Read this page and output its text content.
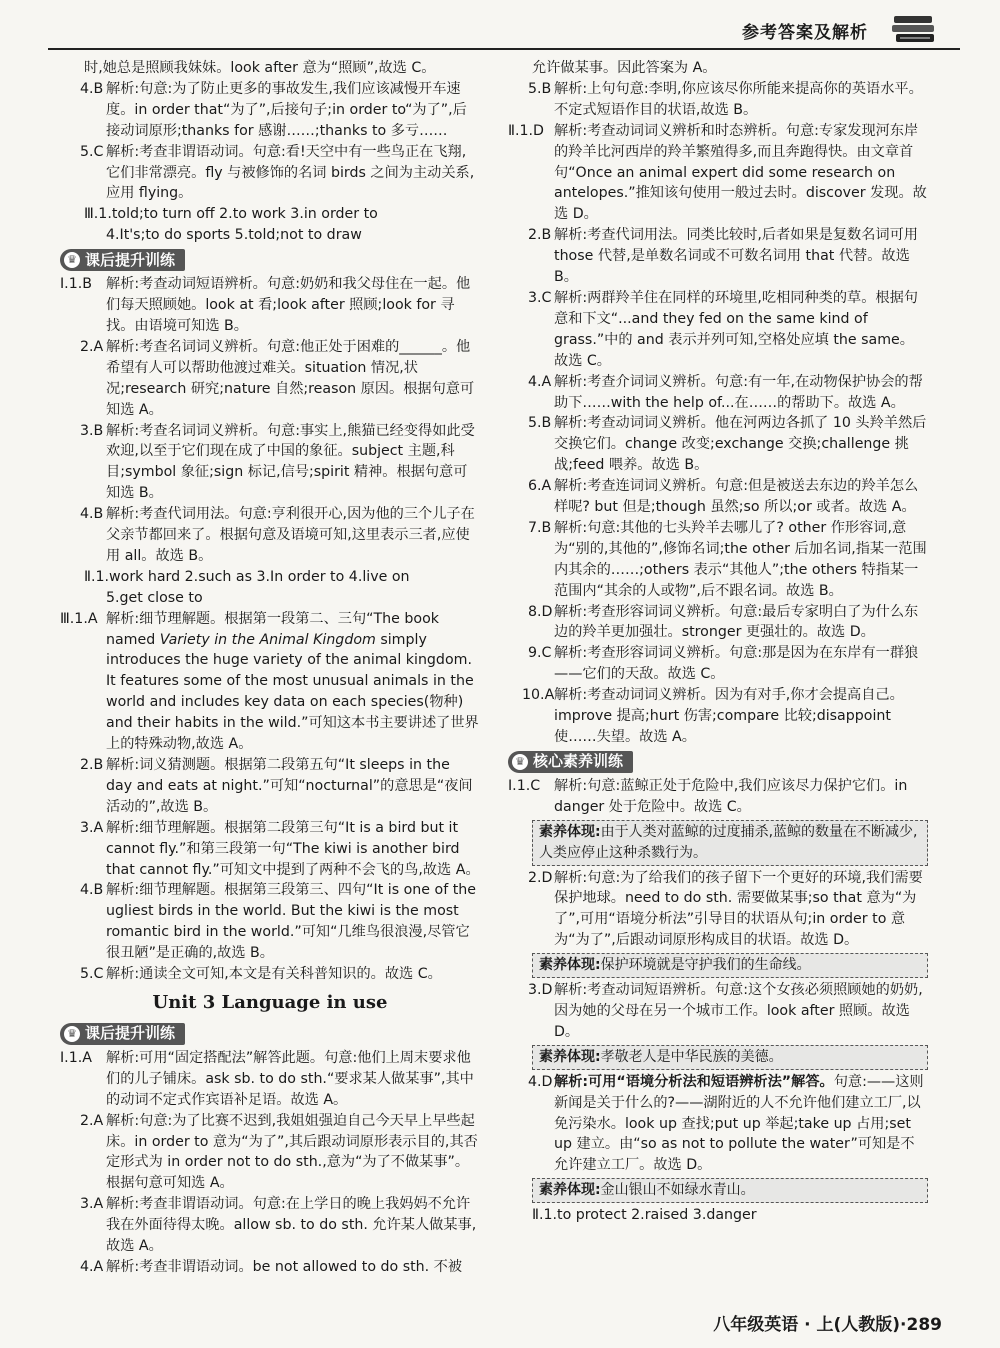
参考答案及解析

时,她总是照顾我妹妹。look after 意为“照顾”,故选 C。

4.B 解析:句意:为了防止更多的事故发生,我们应该减慢开车速度。in order that“为了”,后接句子;in order to“为了”,后接动词原形;thanks for 感谢……;thanks to 多亏……

5.C 解析:考查非谓语动词。句意:看!天空中有一些鸟正在飞翔,它们非常漂亮。fly 与被修饰的名词 birds 之间为主动关系,应用 flying。

Ⅲ.1.told;to turn off 2.to work 3.in order to

4.It's;to do sports 5.told;not to draw

♛ 课后提升训练

Ⅰ.1.B 解析:考查动词短语辨析。句意:奶奶和我父母住在一起。他们每天照顾她。look at 看;look after 照顾;look for 寻找。由语境可知选 B。

2.A 解析:考查名词词义辨析。句意:他正处于困难的______。他希望有人可以帮助他渡过难关。situation 情况,状况;research 研究;nature 自然;reason 原因。根据句意可知选 A。

3.B 解析:考查名词词义辨析。句意:事实上,熊猫已经变得如此受欢迎,以至于它们现在成了中国的象征。subject 主题,科目;symbol 象征;sign 标记,信号;spirit 精神。根据句意可知选 B。

4.B 解析:考查代词用法。句意:亨利很开心,因为他的三个儿子在父亲节都回来了。根据句意及语境可知,这里表示三者,应使用 all。故选 B。

Ⅱ.1.work hard 2.such as 3.In order to 4.live on

5.get close to

Ⅲ.1.A 解析:细节理解题。根据第一段第二、三句“The book named Variety in the Animal Kingdom simply introduces the huge variety of the animal kingdom. It features some of the most unusual animals in the world and includes key data on each species(物种) and their habits in the wild.”可知这本书主要讲述了世界上的特殊动物,故选 A。

2.B 解析:词义猜测题。根据第二段第五句“It sleeps in the day and eats at night.”可知“nocturnal”的意思是“夜间活动的”,故选 B。

3.A 解析:细节理解题。根据第二段第三句“It is a bird but it cannot fly.”和第三段第一句“The kiwi is another bird that cannot fly.”可知文中提到了两种不会飞的鸟,故选 A。

4.B 解析:细节理解题。根据第三段第三、四句“It is one of the ugliest birds in the world. But the kiwi is the most romantic bird in the world.”可知“几维鸟很浪漫,尽管它很丑陋”是正确的,故选 B。

5.C 解析:通读全文可知,本文是有关科普知识的。故选 C。

Unit 3 Language in use
♛ 课后提升训练

Ⅰ.1.A 解析:可用“固定搭配法”解答此题。句意:他们上周末要求他们的儿子铺床。ask sb. to do sth.“要求某人做某事”,其中的动词不定式作宾语补足语。故选 A。

2.A 解析:句意:为了比赛不迟到,我姐姐强迫自己今天早上早些起床。in order to 意为“为了”,其后跟动词原形表示目的,其否定形式为 in order not to do sth.,意为“为了不做某事”。根据句意可知选 A。

3.A 解析:考查非谓语动词。句意:在上学日的晚上我妈妈不允许我在外面待得太晚。allow sb. to do sth. 允许某人做某事,故选 A。

4.A 解析:考查非谓语动词。be not allowed to do sth. 不被

允许做某事。因此答案为 A。

5.B 解析:上句句意:李明,你应该尽你所能来提高你的英语水平。不定式短语作目的状语,故选 B。

Ⅱ.1.D 解析:考查动词词义辨析和时态辨析。句意:专家发现河东岸的羚羊比河西岸的羚羊繁殖得多,而且奔跑得快。由文章首句“Once an animal expert did some research on antelopes.”推知该句使用一般过去时。discover 发现。故选 D。

2.B 解析:考查代词用法。同类比较时,后者如果是复数名词可用 those 代替,是单数名词或不可数名词用 that 代替。故选 B。

3.C 解析:两群羚羊住在同样的环境里,吃相同种类的草。根据句意和下文“...and they fed on the same kind of grass.”中的 and 表示并列可知,空格处应填 the same。故选 C。

4.A 解析:考查介词词义辨析。句意:有一年,在动物保护协会的帮助下……with the help of...在……的帮助下。故选 A。

5.B 解析:考查动词词义辨析。他在河两边各抓了 10 头羚羊然后交换它们。change 改变;exchange 交换;challenge 挑战;feed 喂养。故选 B。

6.A 解析:考查连词词义辨析。句意:但是被送去东边的羚羊怎么样呢? but 但是;though 虽然;so 所以;or 或者。故选 A。

7.B 解析:句意:其他的七头羚羊去哪儿了? other 作形容词,意为“别的,其他的”,修饰名词;the other 后加名词,指某一范围内其余的……;others 表示“其他人”;the others 特指某一范围内“其余的人或物”,后不跟名词。故选 B。

8.D 解析:考查形容词词义辨析。句意:最后专家明白了为什么东边的羚羊更加强壮。stronger 更强壮的。故选 D。

9.C 解析:考查形容词词义辨析。句意:那是因为在东岸有一群狼——它们的天敌。故选 C。

10.A 解析:考查动词词义辨析。因为有对手,你才会提高自己。improve 提高;hurt 伤害;compare 比较;disappoint 使……失望。故选 A。

♛ 核心素养训练

Ⅰ.1.C 解析:句意:蓝鲸正处于危险中,我们应该尽力保护它们。in danger 处于危险中。故选 C。

素养体现:由于人类对蓝鲸的过度捕杀,蓝鲸的数量在不断减少,人类应停止这种杀戮行为。

2.D 解析:句意:为了给我们的孩子留下一个更好的环境,我们需要保护地球。need to do sth. 需要做某事;so that 意为“为了”,可用“语境分析法”引导目的状语从句;in order to 意为“为了”,后跟动词原形构成目的状语。故选 D。

素养体现:保护环境就是守护我们的生命线。

3.D 解析:考查动词短语辨析。句意:这个女孩必须照顾她的奶奶,因为她的父母在另一个城市工作。look after 照顾。故选 D。

素养体现:孝敬老人是中华民族的美德。

4.D 解析:可用“语境分析法和短语辨析法”解答。句意:——这则新闻是关于什么的?——湖附近的人不允许他们建立工厂,以免污染水。look up 查找;put up 举起;take up 占用;set up 建立。由“so as not to pollute the water”可知是不允许建立工厂。故选 D。

素养体现:金山银山不如绿水青山。

Ⅱ.1.to protect 2.raised 3.danger

八年级英语 · 上(人教版)·289
